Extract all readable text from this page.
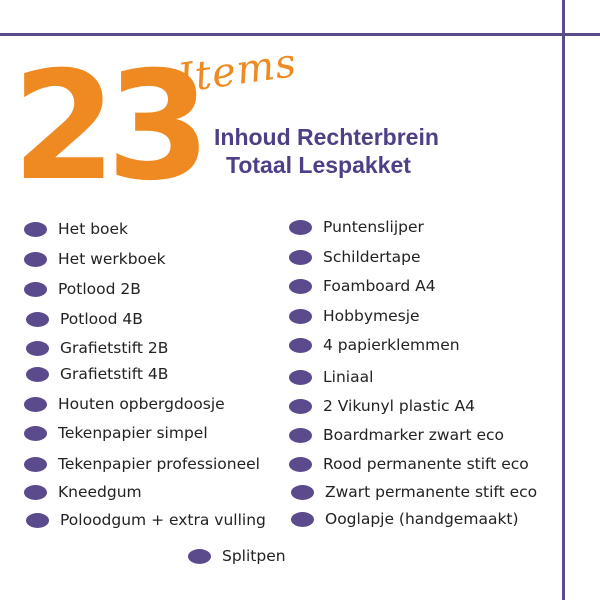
23
Items
Inhoud Rechterbrein
Totaal Lespakket
Het boek
Het werkboek
Potlood 2B
Potlood 4B
Grafietstift 2B
Grafietstift 4B
Houten opbergdoosje
Tekenpapier simpel
Tekenpapier professioneel
Kneedgum
Poloodgum + extra vulling
Puntenslijper
Schildertape
Foamboard A4
Hobbymesje
4 papierklemmen
Liniaal
2 Vikunyl plastic A4
Boardmarker zwart eco
Rood permanente stift eco
Zwart permanente stift eco
Ooglapje (handgemaakt)
Splitpen
